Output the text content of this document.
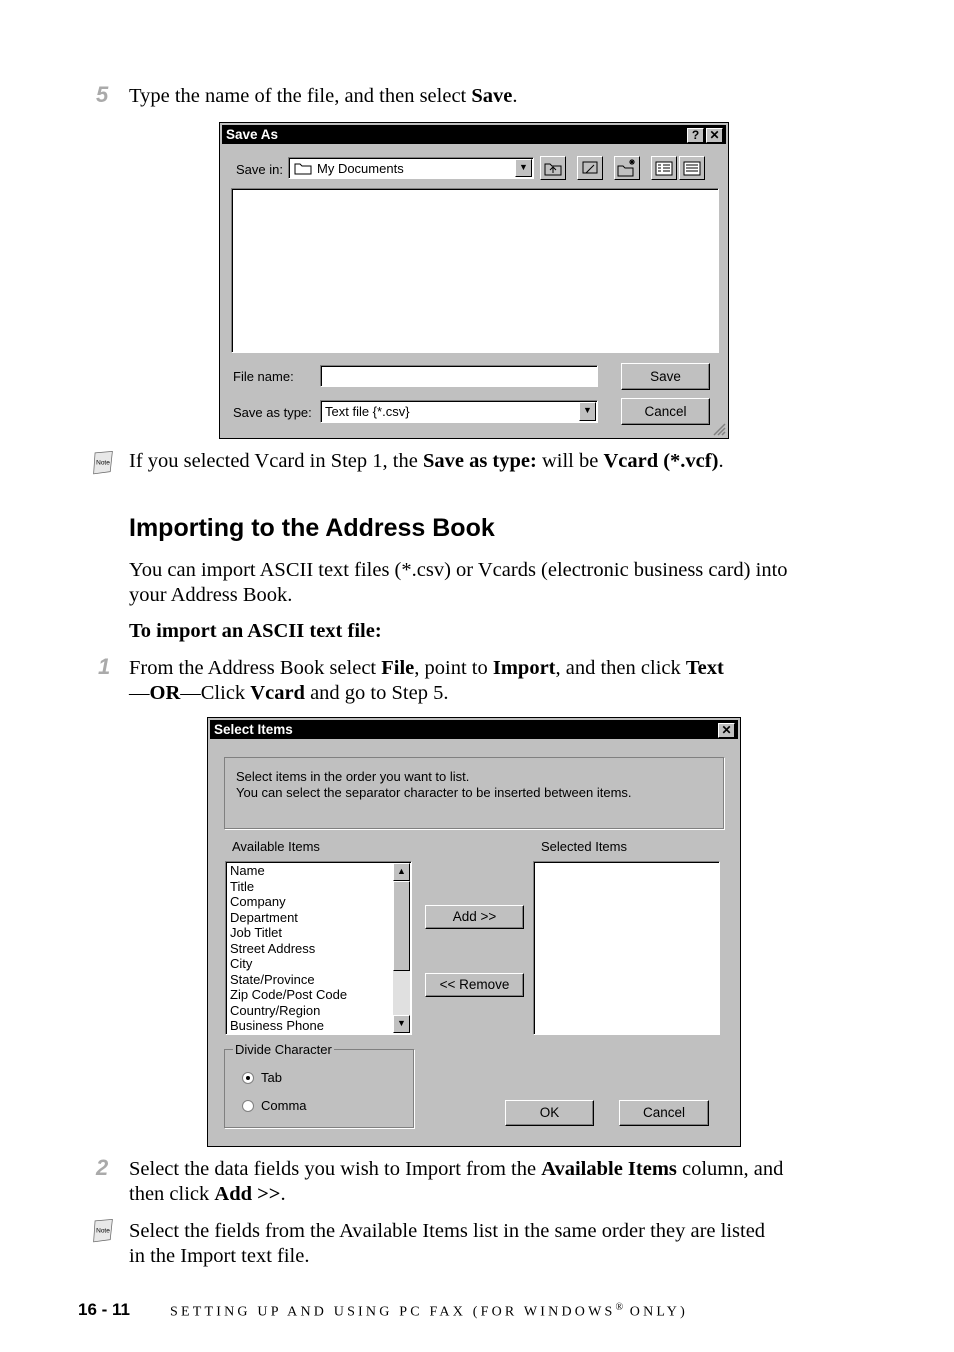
5 Type the name of the file, and then select Save.
Save As	? ✕
Save in:	My Documents	▼
File name:	Save
Save as type: Text file {*.csv}	▼	Cancel
Note If you selected Vcard in Step 1, the Save as type: will be Vcard (*.vcf).
Importing to the Address Book
You can import ASCII text files (*.csv) or Vcards (electronic business card) into
your Address Book.
To import an ASCII text file:
1 From the Address Book select File, point to Import, and then click Text
—OR—Click Vcard and go to Step 5.
Select Items	✕
Select items in the order you want to list.
You can select the separator character to be inserted between items.
Available Items	Selected Items
Name
Title
Company
Department
Job Titlet
Street Address
City
State/Province
Zip Code/Post Code
Country/Region
Business Phone
▲
▼
Add >>
<< Remove
Divide Character
Tab
Comma	OK	Cancel
2 Select the data fields you wish to Import from the Available Items column, and
then click Add >>.
Note Select the fields from the Available Items list in the same order they are listed
in the Import text file.
16 - 11	SETTING UP AND USING PC FAX (FOR WINDOWS® ONLY)
